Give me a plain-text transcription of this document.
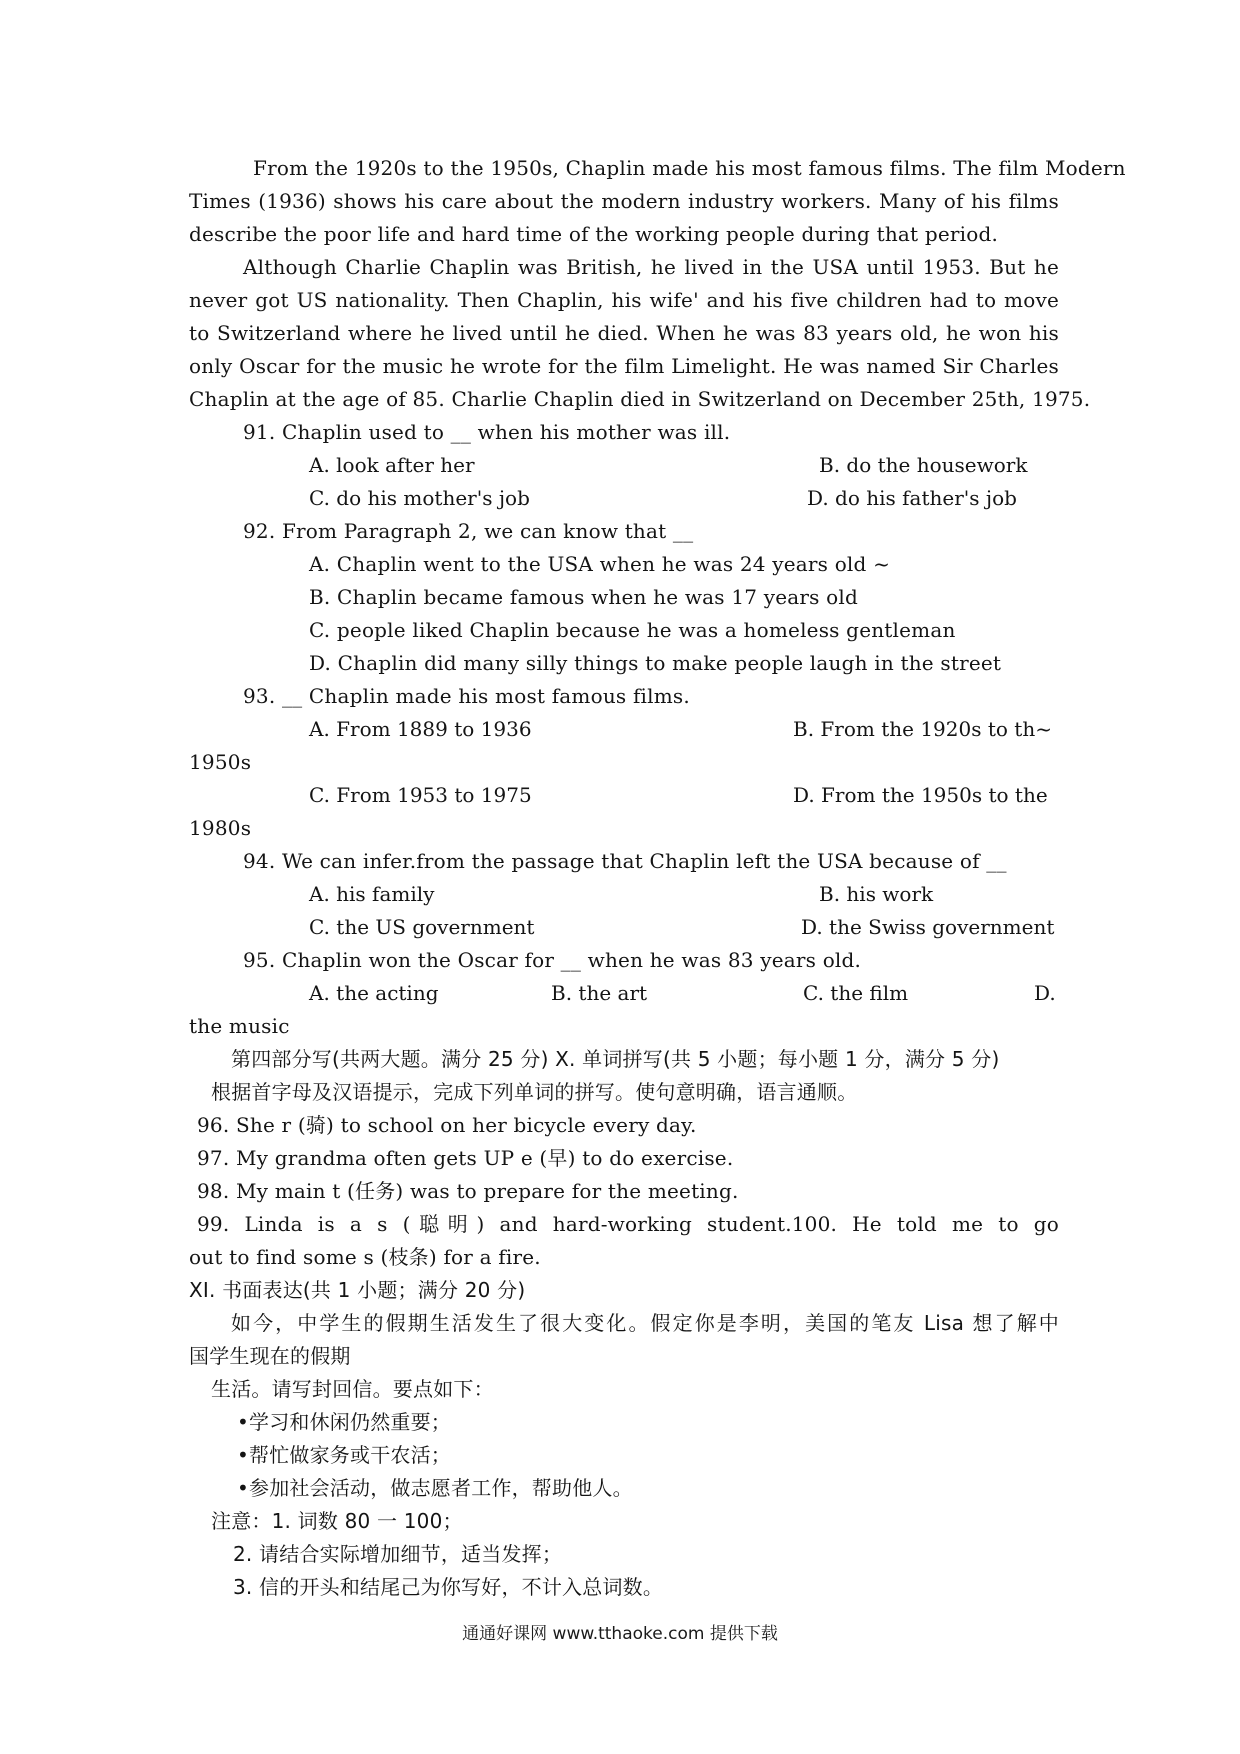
From the 1920s to the 1950s, Chaplin made his most famous films. The film Modern
Times (1936) shows his care about the modern industry workers. Many of his films
describe the poor life and hard time of the working people during that period.
Although Charlie Chaplin was British, he lived in the USA until 1953. But he
never got US nationality. Then Chaplin, his wife' and his five children had to move
to Switzerland where he lived until he died. When he was 83 years old, he won his
only Oscar for the music he wrote for the film Limelight. He was named Sir Charles
Chaplin at the age of 85. Charlie Chaplin died in Switzerland on December 25th, 1975.
91. Chaplin used to __ when his mother was ill.
A. look after her	B. do the housework
C. do his mother's job	D. do his father's job
92. From Paragraph 2, we can know that __
A. Chaplin went to the USA when he was 24 years old ~
B. Chaplin became famous when he was 17 years old
C. people liked Chaplin because he was a homeless gentleman
D. Chaplin did many silly things to make people laugh in the street
93. __ Chaplin made his most famous films.
A. From 1889 to 1936	B. From the 1920s to th~
1950s
C. From 1953 to 1975	D. From the 1950s to the
1980s
94. We can infer.from the passage that Chaplin left the USA because of __
A. his family	B. his work
C. the US government	D. the Swiss government
95. Chaplin won the Oscar for __ when he was 83 years old.
A. the acting	B. the art	C. the film	D.
the music
第四部分写(共两大题。满分 25 分) X. 单词拼写(共 5 小题；每小题 1 分，满分 5 分)
根据首字母及汉语提示，完成下列单词的拼写。使句意明确，语言通顺。
96. She r (骑) to school on her bicycle every day.
97. My grandma often gets UP e (早) to do exercise.
98. My main t (任务) was to prepare for the meeting.
99. Linda is a s (聪明) and hard-working student.100. He told me to go
out to find some s (枝条) for a fire.
XI. 书面表达(共 1 小题；满分 20 分)
如今，中学生的假期生活发生了很大变化。假定你是李明，美国的笔友 Lisa 想了解中
国学生现在的假期
生活。请写封回信。要点如下：
•学习和休闲仍然重要；
•帮忙做家务或干农活；
•参加社会活动，做志愿者工作，帮助他人。
注意：1. 词数 80 一 100；
2. 请结合实际增加细节，适当发挥；
3. 信的开头和结尾己为你写好，不计入总词数。
通通好课网 www.tthaoke.com 提供下载
